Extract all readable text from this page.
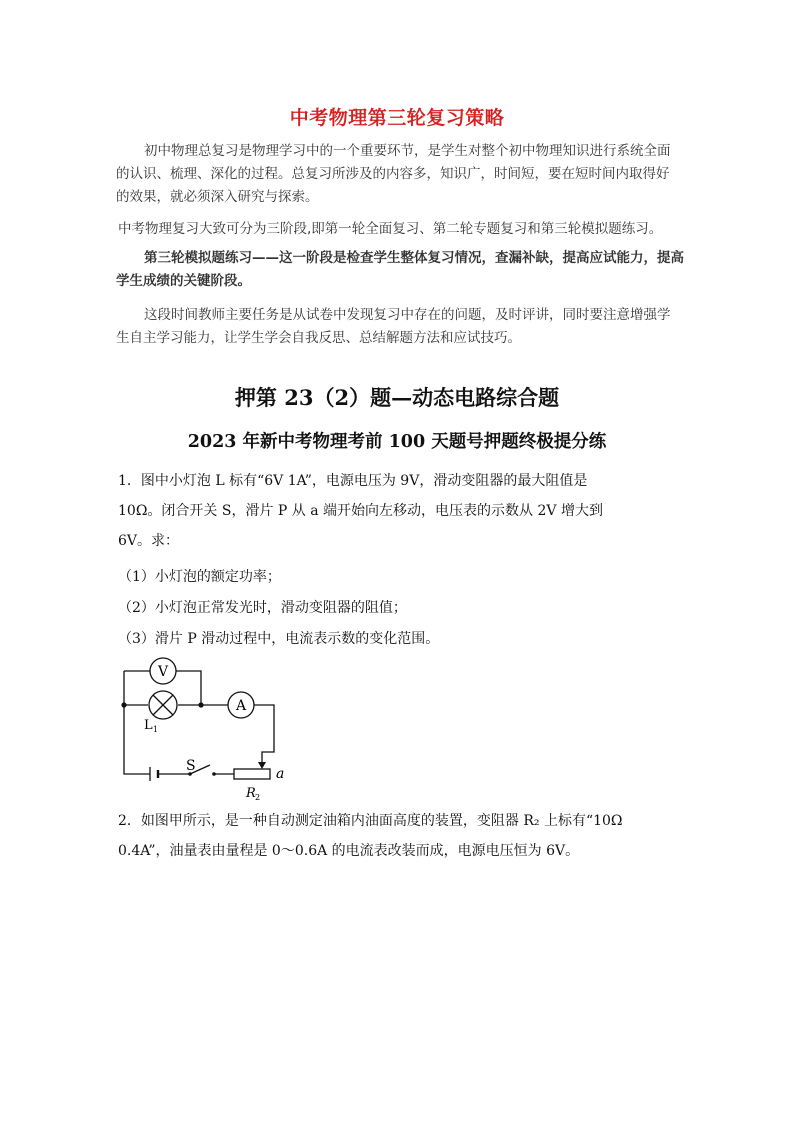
中考物理第三轮复习策略
初中物理总复习是物理学习中的一个重要环节，是学生对整个初中物理知识进行系统全面的认识、梳理、深化的过程。总复习所涉及的内容多，知识广，时间短，要在短时间内取得好的效果，就必须深入研究与探索。
中考物理复习大致可分为三阶段,即第一轮全面复习、第二轮专题复习和第三轮模拟题练习。
第三轮模拟题练习——这一阶段是检查学生整体复习情况，查漏补缺，提高应试能力，提高学生成绩的关键阶段。
这段时间教师主要任务是从试卷中发现复习中存在的问题，及时评讲，同时要注意增强学生自主学习能力，让学生学会自我反思、总结解题方法和应试技巧。
押第 23（2）题—动态电路综合题
2023 年新中考物理考前 100 天题号押题终极提分练
1．图中小灯泡 L 标有“6V 1A”，电源电压为 9V，滑动变阻器的最大阻值是
10Ω。闭合开关 S，滑片 P 从 a 端开始向左移动，电压表的示数从 2V 增大到
6V。求：
（1）小灯泡的额定功率；
（2）小灯泡正常发光时，滑动变阻器的阻值；
（3）滑片 P 滑动过程中，电流表示数的变化范围。
V
L 1
A
S	a
R 2
2．如图甲所示，是一种自动测定油箱内油面高度的装置，变阻器 R₂ 上标有“10Ω
0.4A”，油量表由量程是 0～0.6A 的电流表改装而成，电源电压恒为 6V。
